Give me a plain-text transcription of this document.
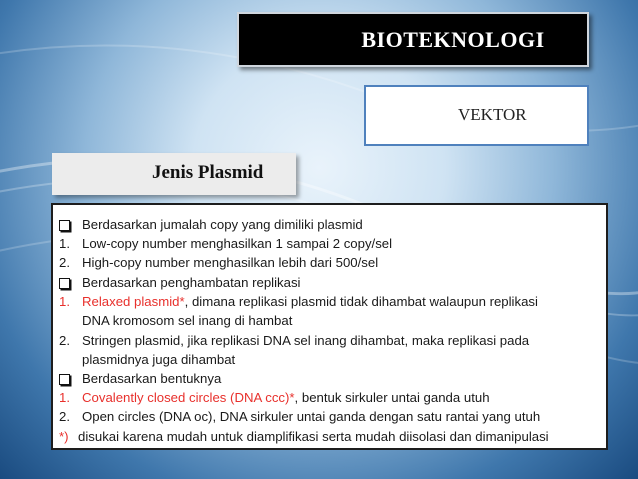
BIOTEKNOLOGI
VEKTOR
Jenis Plasmid
Berdasarkan jumalah copy yang dimiliki plasmid
1. Low-copy number menghasilkan 1 sampai 2 copy/sel
2. High-copy number menghasilkan lebih dari 500/sel
Berdasarkan penghambatan replikasi
1. Relaxed plasmid*, dimana replikasi plasmid tidak dihambat walaupun replikasi
DNA kromosom sel inang di hambat
2. Stringen plasmid, jika replikasi DNA sel inang dihambat, maka replikasi pada
plasmidnya juga dihambat
Berdasarkan bentuknya
1. Covalently closed circles (DNA ccc)*, bentuk sirkuler untai ganda utuh
2. Open circles (DNA oc), DNA sirkuler untai ganda dengan satu rantai yang utuh
*) disukai karena mudah untuk diamplifikasi serta mudah diisolasi dan dimanipulasi
